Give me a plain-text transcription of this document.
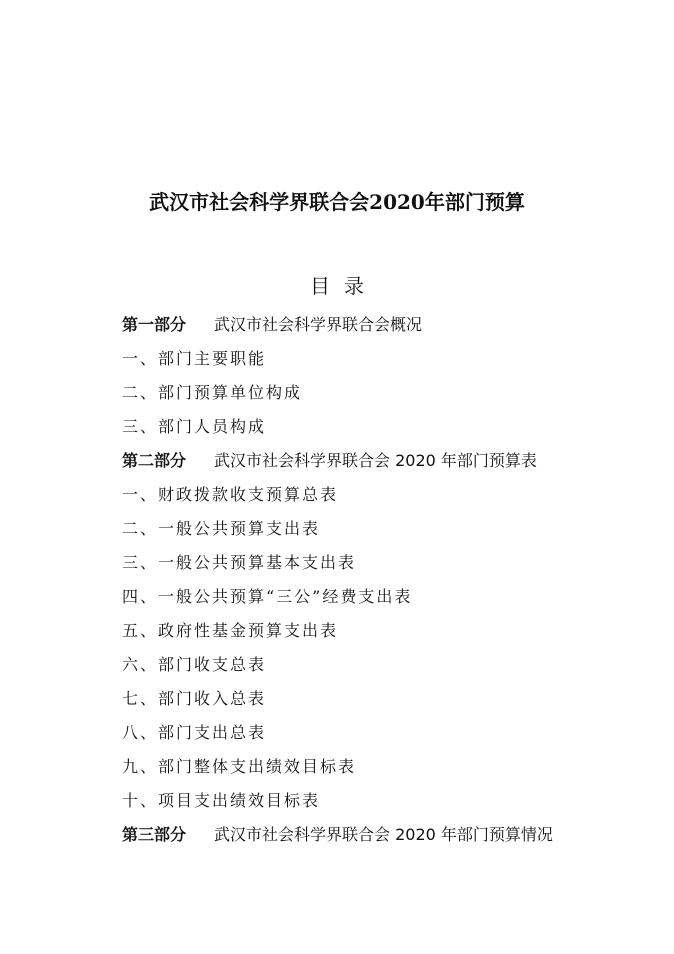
武汉市社会科学界联合会2020年部门预算
目录
第一部分 武汉市社会科学界联合会概况
一、部门主要职能
二、部门预算单位构成
三、部门人员构成
第二部分 武汉市社会科学界联合会 2020 年部门预算表
一、财政拨款收支预算总表
二、一般公共预算支出表
三、一般公共预算基本支出表
四、一般公共预算“三公”经费支出表
五、政府性基金预算支出表
六、部门收支总表
七、部门收入总表
八、部门支出总表
九、部门整体支出绩效目标表
十、项目支出绩效目标表
第三部分 武汉市社会科学界联合会 2020 年部门预算情况
